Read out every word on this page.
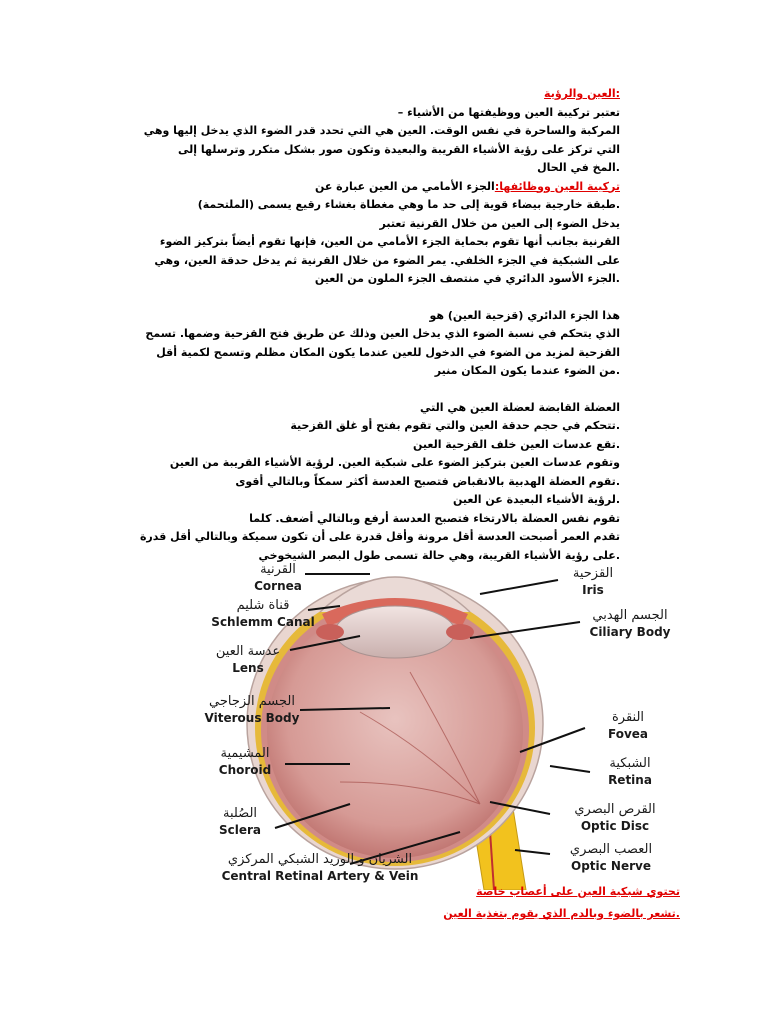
:العين والرؤية
تعتبر تركيبة العين ووظيفتها من الأشياء –
المركبة والساحرة في نفس الوقت. العين هي التي تحدد قدر الضوء الذي يدخل إليها وهي
التي تركز على رؤية الأشياء القريبة والبعيدة وتكون صور بشكل متكرر وترسلها إلى
.المخ في الحال
تركيبة العين ووظائفها:الجزء الأمامي من العين عبارة عن
.طبقة خارجية بيضاء قوية إلى حد ما وهي مغطاة بغشاء رقيع يسمى (الملتحمة)
يدخل الضوء إلى العين من خلال القرنية تعتبر
القرنية بجانب أنها تقوم بحماية الجزء الأمامي من العين، فإنها تقوم أيضاً بتركيز الضوء
على الشبكية في الجزء الخلفي. يمر الضوء من خلال القرنية ثم يدخل حدقة العين، وهي
.الجزء الأسود الدائري في منتصف الجزء الملون من العين
هذا الجزء الدائري (قزحية العين) هو
الذي يتحكم في نسبة الضوء الذي يدخل العين وذلك عن طريق فتح القزحية وضمها. تسمح
القزحية لمزيد من الضوء في الدخول للعين عندما يكون المكان مظلم وتسمح لكمية أقل
.من الضوء عندما يكون المكان منير
العضلة القابضة لعضلة العين هي التي
.تتحكم في حجم حدقة العين والتي تقوم بفتح أو غلق القزحية
.تقع عدسات العين خلف القزحية العين
وتقوم عدسات العين بتركيز الضوء على شبكية العين. لرؤية الأشياء القريبة من العين
.تقوم العضلة الهدبية بالانقباض فتصبح العدسة أكثر سمكاً وبالتالي أقوى
.لرؤية الأشياء البعيدة عن العين
تقوم نفس العضلة بالارتخاء فتصبح العدسة أرفع وبالتالي أضعف. كلما
تقدم العمر أصبحت العدسة أقل مرونة وأقل قدرة على أن تكون سميكة وبالتالي أقل قدرة
.على رؤية الأشياء القريبة، وهي حالة تسمى طول البصر الشيخوخي
القرنية
Cornea
قناة شليم
Schlemm Canal
عدسة العين
Lens
الجسم الزجاجي
Viterous Body
المشيمية
Choroid
الصُلبة
Sclera
الشريان و الوريد الشبكي المركزي
Central Retinal Artery & Vein
القزحية
Iris
الجسم الهدبي
Ciliary Body
النقرة
Fovea
الشبكية
Retina
القرص البصري
Optic Disc
العصب البصري
Optic Nerve
تحتوي شبكية العين على أعصاب خاصة
.تشعر بالضوء وبالدم الذي يقوم بتغذية العين
